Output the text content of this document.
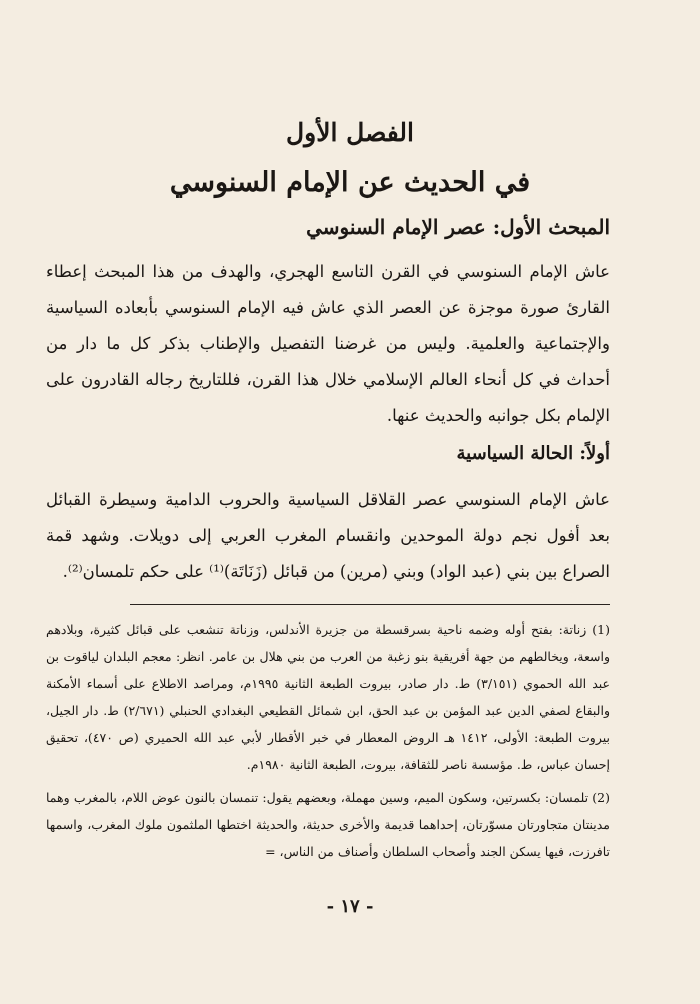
الفصل الأول
في الحديث عن الإمام السنوسي
المبحث الأول: عصر الإمام السنوسي
عاش الإمام السنوسي في القرن التاسع الهجري، والهدف من هذا المبحث إعطاء القارئ صورة موجزة عن العصر الذي عاش فيه الإمام السنوسي بأبعاده السياسية والإجتماعية والعلمية. وليس من غرضنا التفصيل والإطناب بذكر كل ما دار من أحداث في كل أنحاء العالم الإسلامي خلال هذا القرن، فللتاريخ رجاله القادرون على الإلمام بكل جوانبه والحديث عنها.
أولاً: الحالة السياسية
عاش الإمام السنوسي عصر القلاقل السياسية والحروب الدامية وسيطرة القبائل بعد أفول نجم دولة الموحدين وانقسام المغرب العربي إلى دويلات. وشهد قمة الصراع بين بني (عبد الواد) وبني (مرين) من قبائل (زَنَاتَة)⁽¹⁾ على حكم تلمسان⁽²⁾.

(1) زناتة: بفتح أوله وضمه ناحية بسرقسطة من جزيرة الأندلس، وزناتة تنشعب على قبائل كثيرة، وبلادهم واسعة، ويخالطهم من جهة أفريقية بنو زغبة من العرب من بني هلال بن عامر. انظر: معجم البلدان لياقوت بن عبد الله الحموي (٣/١٥١) ط. دار صادر، بيروت الطبعة الثانية ١٩٩٥م، ومراصد الاطلاع على أسماء الأمكنة والبقاع لصفي الدين عبد المؤمن بن عبد الحق، ابن شمائل القطيعي البغدادي الحنبلي (٢/٦٧١) ط. دار الجيل، بيروت الطبعة: الأولى، ١٤١٢ هـ الروض المعطار في خبر الأقطار لأبي عبد الله الحميري (ص ٤٧٠)، تحقيق إحسان عباس، ط. مؤسسة ناصر للثقافة، بيروت، الطبعة الثانية ١٩٨٠م.

(2) تلمسان: بكسرتين، وسكون الميم، وسين مهملة، وبعضهم يقول: تنمسان بالنون عوض اللام، بالمغرب وهما مدينتان متجاورتان مسوّرتان، إحداهما قديمة والأخرى حديثة، والحديثة اختطها الملثمون ملوك المغرب، واسمها تافرزت، فيها يسكن الجند وأصحاب السلطان وأصناف من الناس، =

- ١٧ -
